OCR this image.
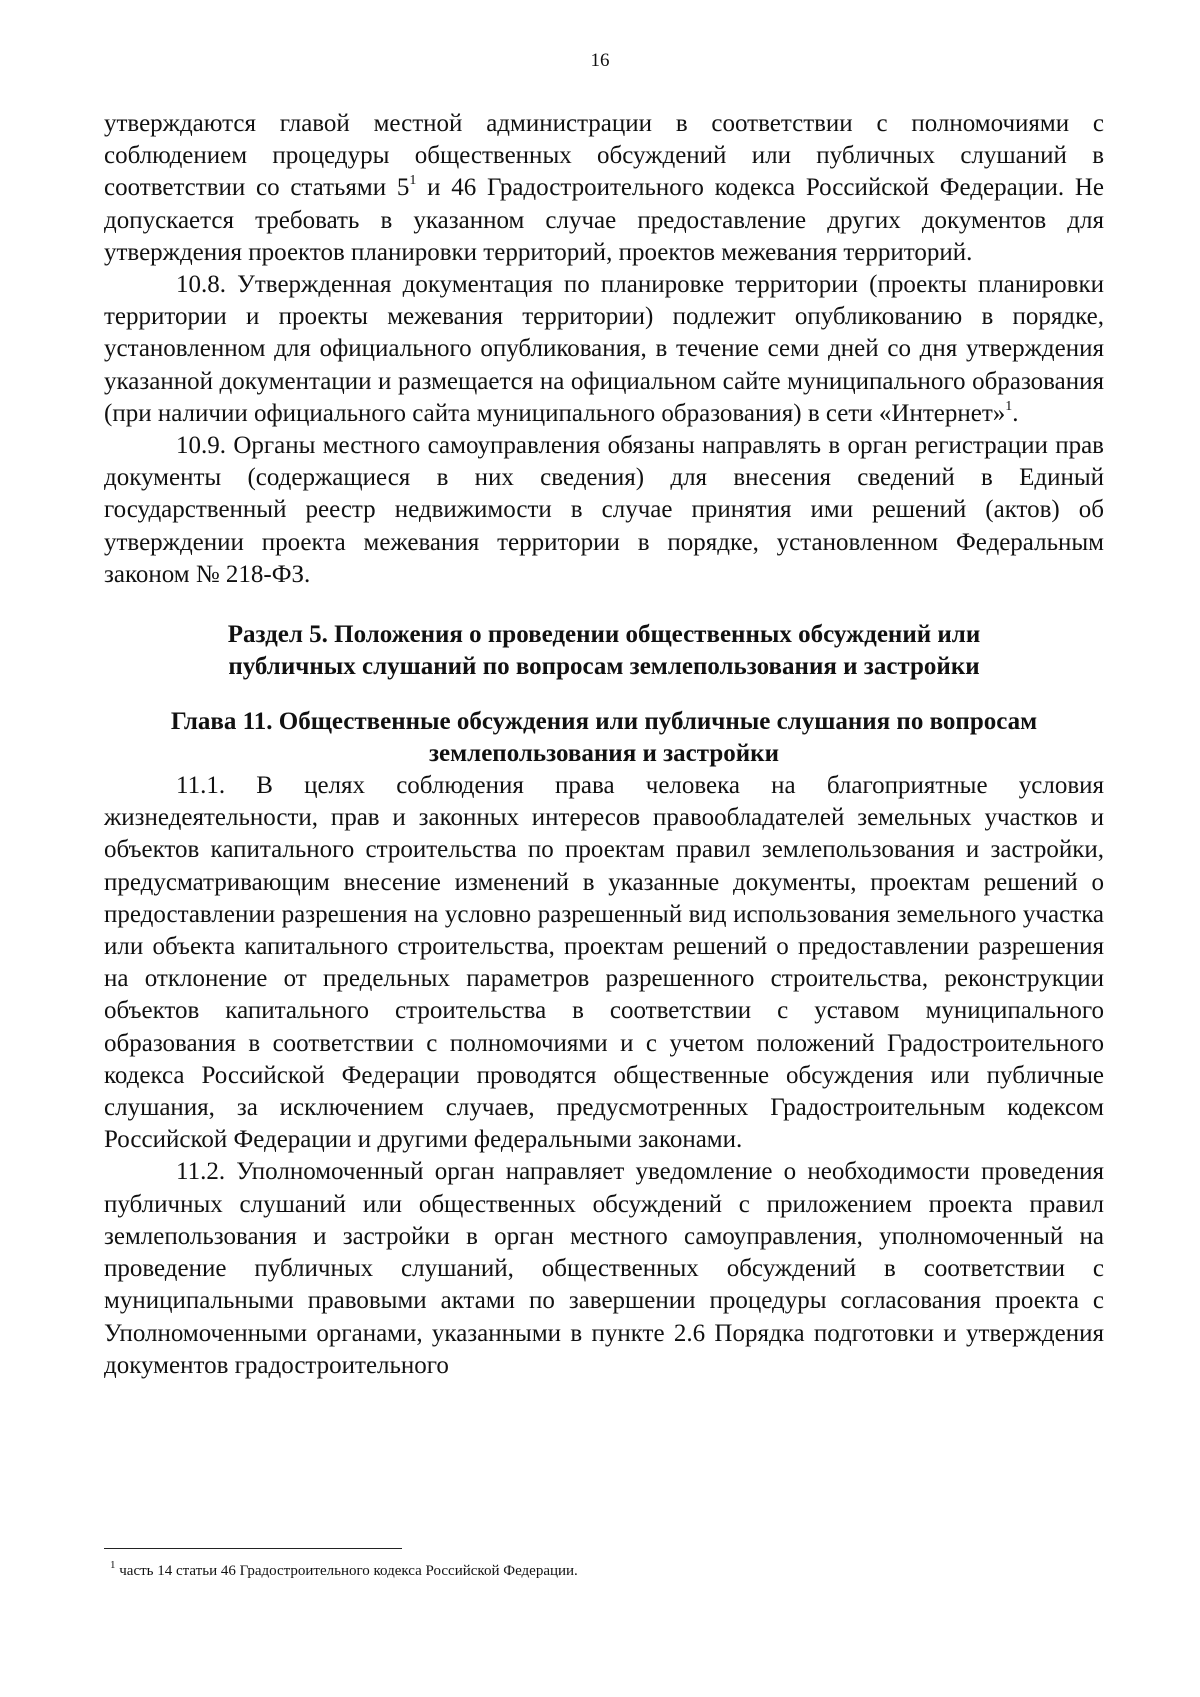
16

утверждаются главой местной администрации в соответствии с полномочиями с соблюдением процедуры общественных обсуждений или публичных слушаний в соответствии со статьями $5^1$ и 46 Градостроительного кодекса Российской Федерации. Не допускается требовать в указанном случае предоставление других документов для утверждения проектов планировки территорий, проектов межевания территорий.

10.8. Утвержденная документация по планировке территории (проекты планировки территории и проекты межевания территории) подлежит опубликованию в порядке, установленном для официального опубликования, в течение семи дней со дня утверждения указанной документации и размещается на официальном сайте муниципального образования (при наличии официального сайта муниципального образования) в сети «Интернет»$^1$.

10.9. Органы местного самоуправления обязаны направлять в орган регистрации прав документы (содержащиеся в них сведения) для внесения сведений в Единый государственный реестр недвижимости в случае принятия ими решений (актов) об утверждении проекта межевания территории в порядке, установленном Федеральным законом № 218-ФЗ.

Раздел 5. Положения о проведении общественных обсуждений или
публичных слушаний по вопросам землепользования и застройки
Глава 11. Общественные обсуждения или публичные слушания по вопросам
землепользования и застройки

11.1. В целях соблюдения права человека на благоприятные условия жизнедеятельности, прав и законных интересов правообладателей земельных участков и объектов капитального строительства по проектам правил землепользования и застройки, предусматривающим внесение изменений в указанные документы, проектам решений о предоставлении разрешения на условно разрешенный вид использования земельного участка или объекта капитального строительства, проектам решений о предоставлении разрешения на отклонение от предельных параметров разрешенного строительства, реконструкции объектов капитального строительства в соответствии с уставом муниципального образования в соответствии с полномочиями и с учетом положений Градостроительного кодекса Российской Федерации проводятся общественные обсуждения или публичные слушания, за исключением случаев, предусмотренных Градостроительным кодексом Российской Федерации и другими федеральными законами.

11.2. Уполномоченный орган направляет уведомление о необходимости проведения публичных слушаний или общественных обсуждений с приложением проекта правил землепользования и застройки в орган местного самоуправления, уполномоченный на проведение публичных слушаний, общественных обсуждений в соответствии с муниципальными правовыми актами по завершении процедуры согласования проекта с Уполномоченными органами, указанными в пункте 2.6 Порядка подготовки и утверждения документов градостроительного

$^1$ часть 14 статьи 46 Градостроительного кодекса Российской Федерации.
